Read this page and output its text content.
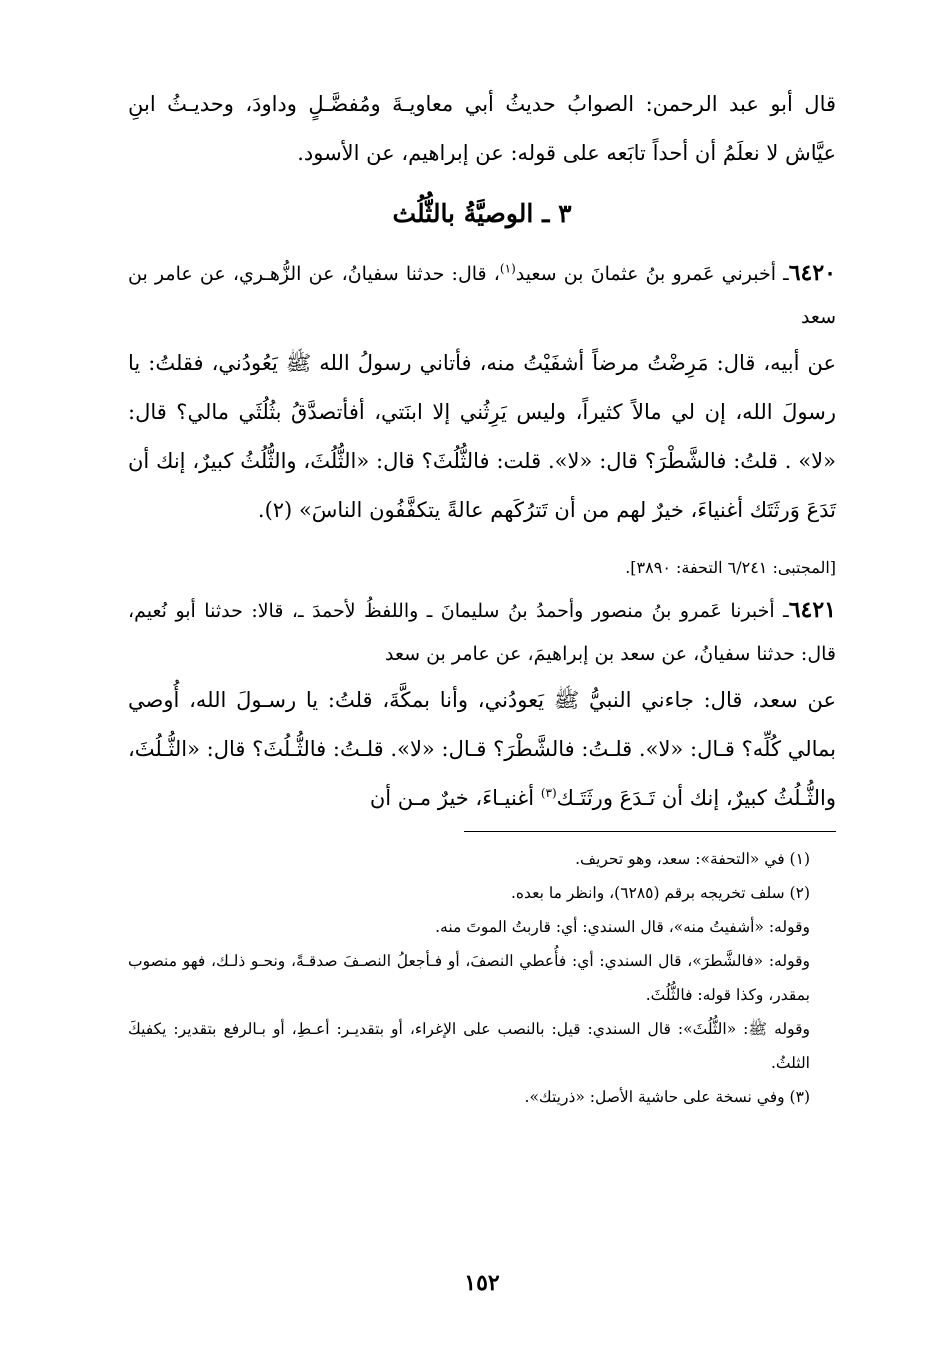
قال أبو عبد الرحمن: الصوابُ حديثُ أبي معاويـةَ ومُفضَّـلٍ وداودَ، وحديـثُ ابنِ عيَّاش لا نعلَمُ أن أحداً تابَعه على قوله: عن إبراهيم، عن الأسود.

٣ ـ الوصيَّةُ بالثُّلُث

٦٤٢٠ـ أخبرني عَمرو بنُ عثمانَ بن سعيد$^{(١)}$، قال: حدثنا سفيانُ، عن الزُّهـري، عن عامر بن سعد

عن أبيه، قال: مَرِضْتُ مرضاً أشفَيْتُ منه، فأتاني رسولُ الله ﷺ يَعُودُني، فقلتُ: يا رسولَ الله، إن لي مالاً كثيراً، وليس يَرِثُني إلا ابنَتي، أفأتصدَّقُ بثُلُثَي مالي؟ قال: «لا» . قلتُ: فالشَّطْرَ؟ قال: «لا». قلت: فالثُّلُثَ؟ قال: «الثُّلُثَ، والثُّلُثُ كبيرٌ، إنك أن تَدَعَ وَرثَتَك أغنياءَ، خيرٌ لهم من أن تَترُكَهم عالةً يتكفَّفُون الناسَ» (٢).

[المجتبى: ٦/٢٤١ التحفة: ٣٨٩٠].

٦٤٢١ـ أخبرنا عَمرو بنُ منصور وأحمدُ بنُ سليمانَ ـ واللفظُ لأحمدَ ـ، قالا: حدثنا أبو نُعيم، قال: حدثنا سفيانُ، عن سعد بن إبراهيمَ، عن عامر بن سعد

عن سعد، قال: جاءني النبيُّ ﷺ يَعودُني، وأنا بمكَّةَ، قلتُ: يا رسـولَ الله، أُوصي بمالي كُلِّه؟ قـال: «لا». قلـتُ: فالشَّطْرَ؟ قـال: «لا». قلـتُ: فالثُّـلُثَ؟ قال: «الثُّـلُثَ، والثُّـلُثُ كبيرٌ، إنك أن تَـدَعَ ورثَتَـك$^{(٣)}$ أغنيـاءَ، خيرٌ مـن أن

(١) في «التحفة»: سعد، وهو تحريف.

(٢) سلف تخريجه برقم (٦٢٨٥)، وانظر ما بعده.

وقوله: «أشفيتُ منه»، قال السندي: أي: قاربتُ الموتَ منه.

وقوله: «فالشَّطرَ»، قال السندي: أي: فأُعطي النصفَ، أو فـأجعلُ النصـفَ صدقـةً، ونحـو ذلـك، فهو منصوب بمقدر، وكذا قوله: فالثُّلُثَ.

وقوله ﷺ: «الثُّلُثَ»: قال السندي: قيل: بالنصب على الإغراء، أو بتقديـر: أعـطِ، أو بـالرفع بتقدير: يكفيكَ الثلثُ.

(٣) وفي نسخة على حاشية الأصل: «ذريتك».

١٥٢
